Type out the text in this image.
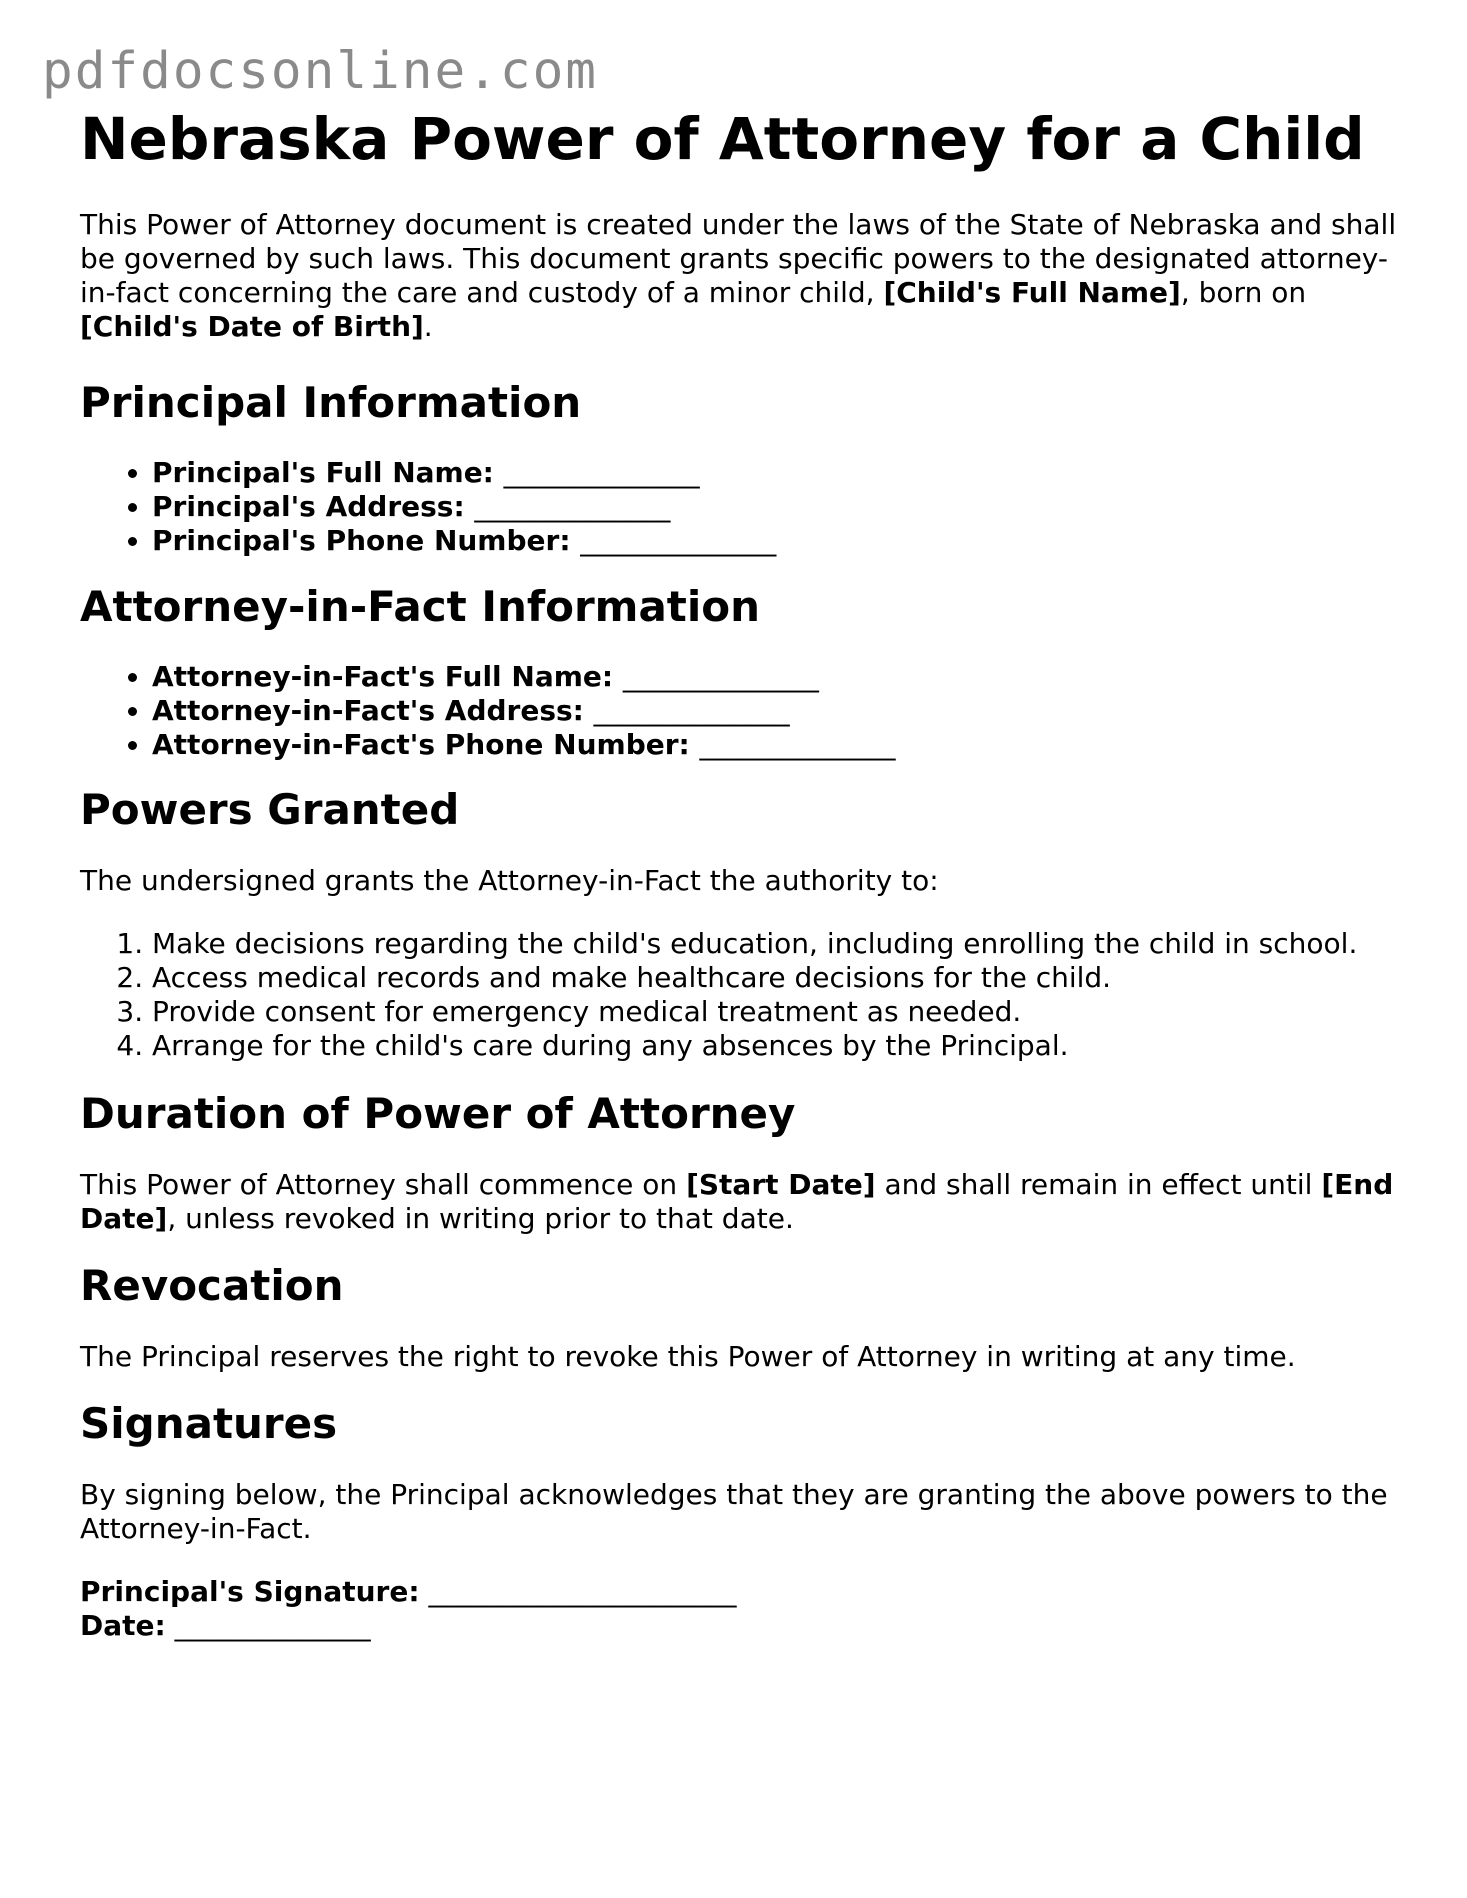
pdfdocsonline.com
Nebraska Power of Attorney for a Child

This Power of Attorney document is created under the laws of the State of Nebraska and shall be governed by such laws. This document grants specific powers to the designated attorney-in-fact concerning the care and custody of a minor child, [Child's Full Name], born on [Child's Date of Birth].

Principal Information
• Principal's Full Name: ______________
• Principal's Address: ______________
• Principal's Phone Number: ______________
Attorney-in-Fact Information
• Attorney-in-Fact's Full Name: ______________
• Attorney-in-Fact's Address: ______________
• Attorney-in-Fact's Phone Number: ______________
Powers Granted

The undersigned grants the Attorney-in-Fact the authority to:

1. Make decisions regarding the child's education, including enrolling the child in school.
2. Access medical records and make healthcare decisions for the child.
3. Provide consent for emergency medical treatment as needed.
4. Arrange for the child's care during any absences by the Principal.
Duration of Power of Attorney

This Power of Attorney shall commence on [Start Date] and shall remain in effect until [End Date], unless revoked in writing prior to that date.

Revocation

The Principal reserves the right to revoke this Power of Attorney in writing at any time.

Signatures

By signing below, the Principal acknowledges that they are granting the above powers to the Attorney-in-Fact.

Principal's Signature: ______________________

Date: ______________
